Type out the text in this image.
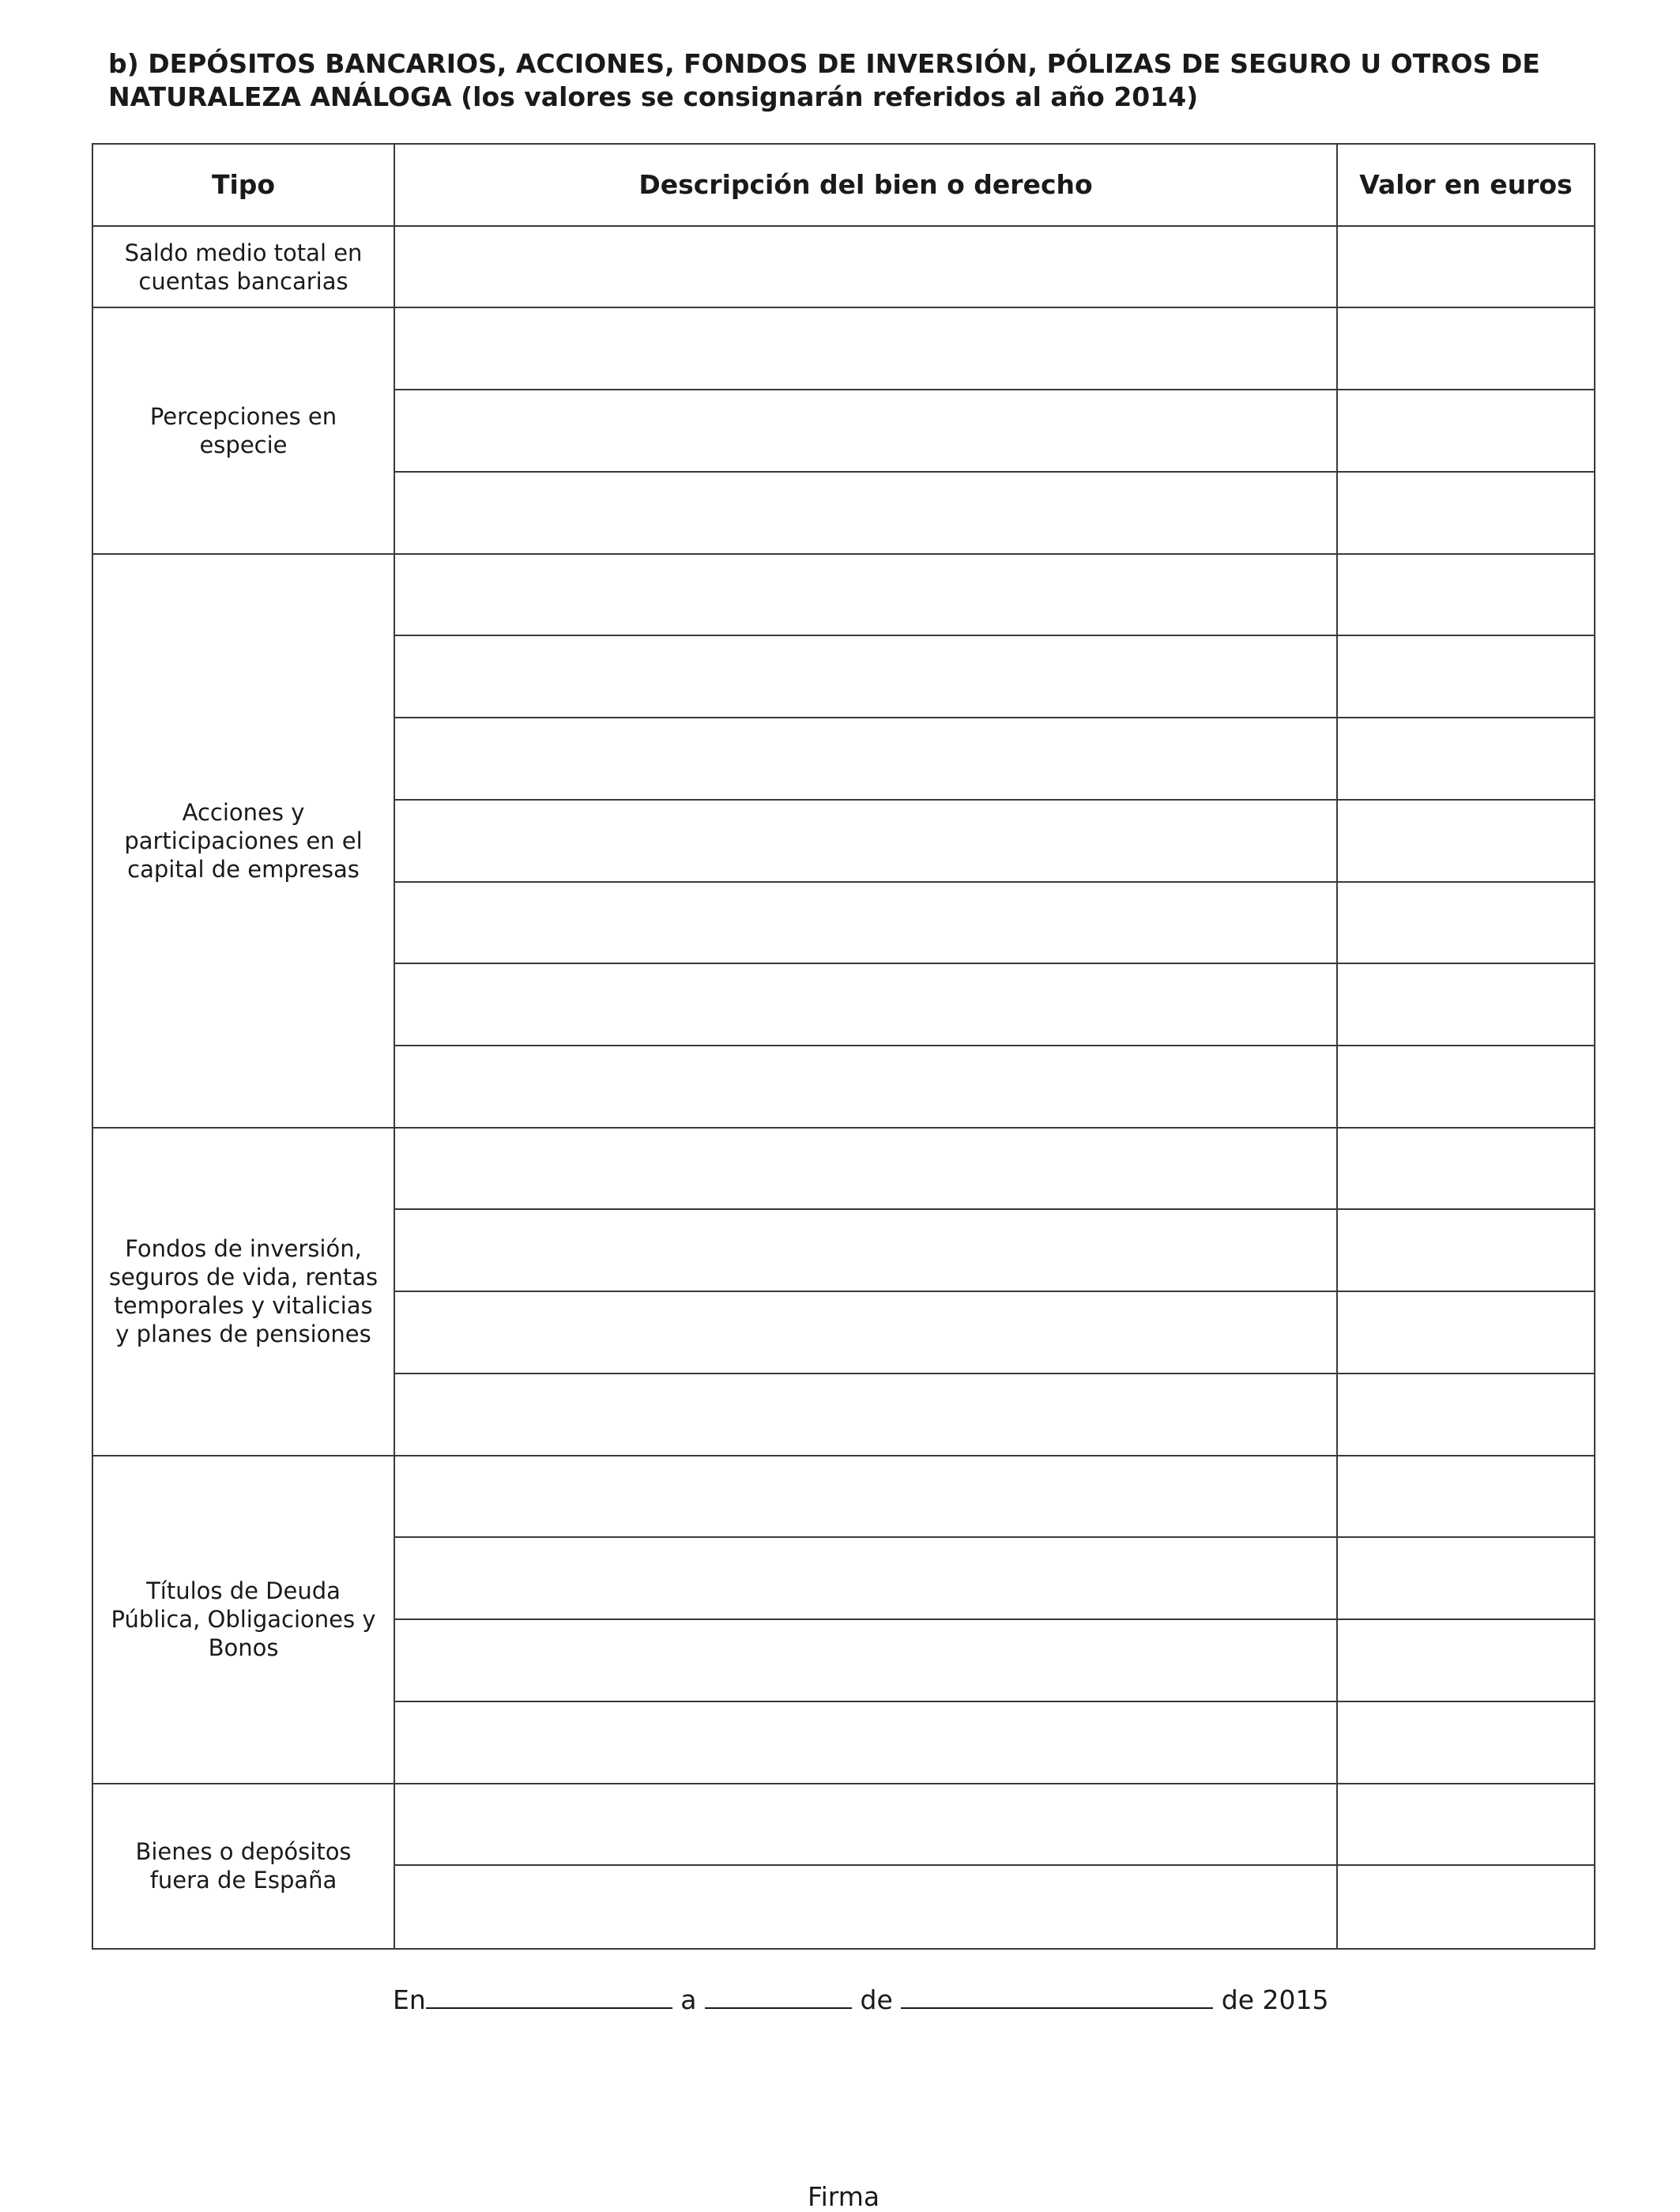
b) DEPÓSITOS BANCARIOS, ACCIONES, FONDOS DE INVERSIÓN, PÓLIZAS DE SEGURO U OTROS DE
NATURALEZA ANÁLOGA (los valores se consignarán referidos al año 2014)
Tipo	Descripción del bien o derecho	Valor en euros
Saldo medio total en cuentas bancarias
Percepciones en especie
Acciones y participaciones en el capital de empresas
Fondos de inversión, seguros de vida, rentas temporales y vitalicias y planes de pensiones
Títulos de Deuda Pública, Obligaciones y Bonos
Bienes o depósitos fuera de España
En	a	de	de 2015
Firma
